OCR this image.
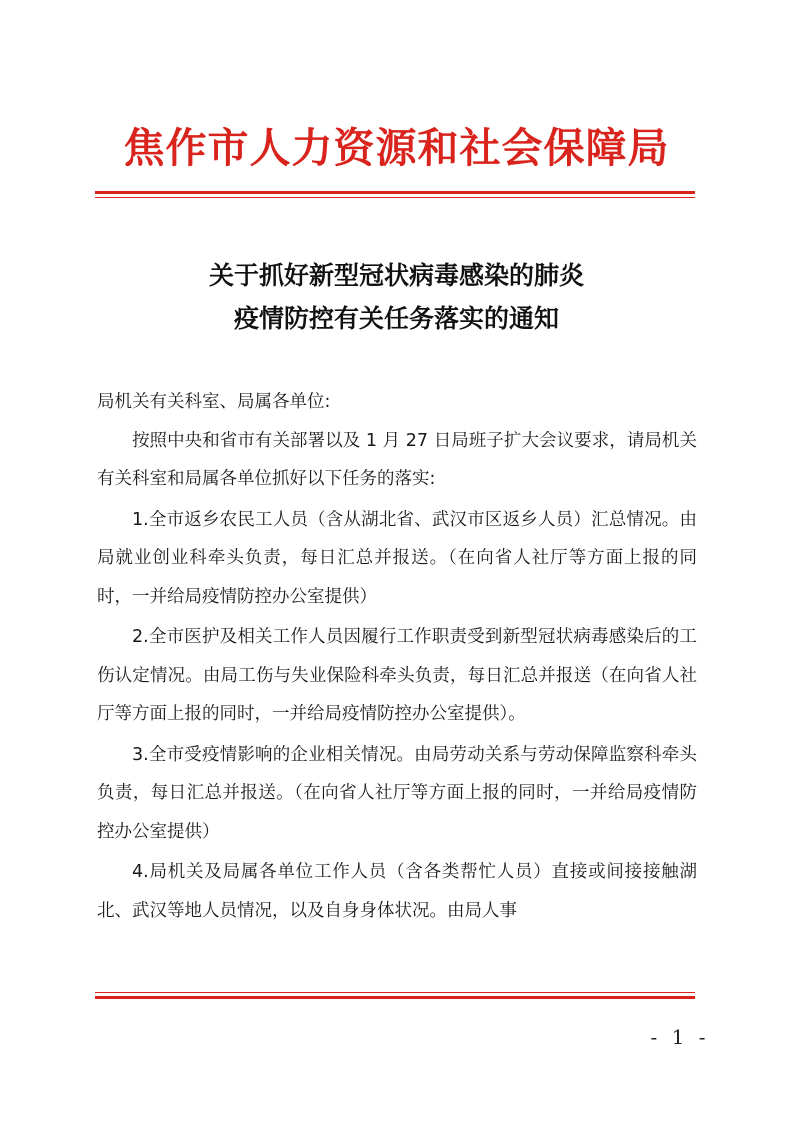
焦作市人力资源和社会保障局
关于抓好新型冠状病毒感染的肺炎
疫情防控有关任务落实的通知

局机关有关科室、局属各单位:

按照中央和省市有关部署以及 1 月 27 日局班子扩大会议要求，请局机关有关科室和局属各单位抓好以下任务的落实:

1.全市返乡农民工人员（含从湖北省、武汉市区返乡人员）汇总情况。由局就业创业科牵头负责，每日汇总并报送。（在向省人社厅等方面上报的同时，一并给局疫情防控办公室提供）

2.全市医护及相关工作人员因履行工作职责受到新型冠状病毒感染后的工伤认定情况。由局工伤与失业保险科牵头负责，每日汇总并报送（在向省人社厅等方面上报的同时，一并给局疫情防控办公室提供）。

3.全市受疫情影响的企业相关情况。由局劳动关系与劳动保障监察科牵头负责，每日汇总并报送。（在向省人社厅等方面上报的同时，一并给局疫情防控办公室提供）

4.局机关及局属各单位工作人员（含各类帮忙人员）直接或间接接触湖北、武汉等地人员情况，以及自身身体状况。由局人事

- 1 -
